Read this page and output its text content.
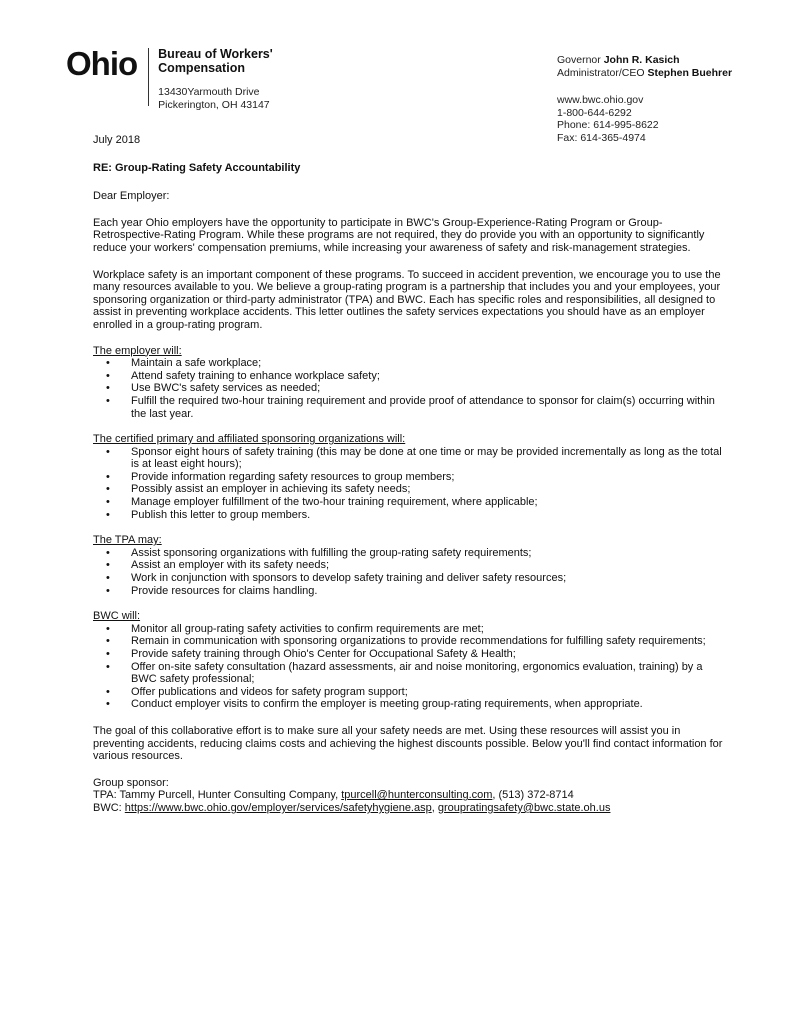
Ohio Bureau of Workers'
Compensation
13430Yarmouth Drive
Pickerington, OH 43147
Governor John R. Kasich
Administrator/CEO Stephen Buehrer
www.bwc.ohio.gov
1-800-644-6292
Phone: 614-995-8622
Fax: 614-365-4974

July 2018

RE: Group-Rating Safety Accountability

Dear Employer:

Each year Ohio employers have the opportunity to participate in BWC's Group-Experience-Rating Program or Group-Retrospective-Rating Program. While these programs are not required, they do provide you with an opportunity to significantly reduce your workers' compensation premiums, while increasing your awareness of safety and risk-management strategies.

Workplace safety is an important component of these programs. To succeed in accident prevention, we encourage you to use the many resources available to you. We believe a group-rating program is a partnership that includes you and your employees, your sponsoring organization or third-party administrator (TPA) and BWC. Each has specific roles and responsibilities, all designed to assist in preventing workplace accidents. This letter outlines the safety services expectations you should have as an employer enrolled in a group-rating program.

The employer will:

• Maintain a safe workplace;
• Attend safety training to enhance workplace safety;
• Use BWC's safety services as needed;
• Fulfill the required two-hour training requirement and provide proof of attendance to sponsor for claim(s) occurring within the last year.

The certified primary and affiliated sponsoring organizations will:

• Sponsor eight hours of safety training (this may be done at one time or may be provided incrementally as long as the total is at least eight hours);
• Provide information regarding safety resources to group members;
• Possibly assist an employer in achieving its safety needs;
• Manage employer fulfillment of the two-hour training requirement, where applicable;
• Publish this letter to group members.

The TPA may:

• Assist sponsoring organizations with fulfilling the group-rating safety requirements;
• Assist an employer with its safety needs;
• Work in conjunction with sponsors to develop safety training and deliver safety resources;
• Provide resources for claims handling.

BWC will:

• Monitor all group-rating safety activities to confirm requirements are met;
• Remain in communication with sponsoring organizations to provide recommendations for fulfilling safety requirements;
• Provide safety training through Ohio's Center for Occupational Safety & Health;
• Offer on-site safety consultation (hazard assessments, air and noise monitoring, ergonomics evaluation, training) by a BWC safety professional;
• Offer publications and videos for safety program support;
• Conduct employer visits to confirm the employer is meeting group-rating requirements, when appropriate.

The goal of this collaborative effort is to make sure all your safety needs are met. Using these resources will assist you in preventing accidents, reducing claims costs and achieving the highest discounts possible. Below you'll find contact information for various resources.

Group sponsor:

TPA: Tammy Purcell, Hunter Consulting Company, tpurcell@hunterconsulting.com, (513) 372-8714

BWC: https://www.bwc.ohio.gov/employer/services/safetyhygiene.asp, groupratingsafety@bwc.state.oh.us
